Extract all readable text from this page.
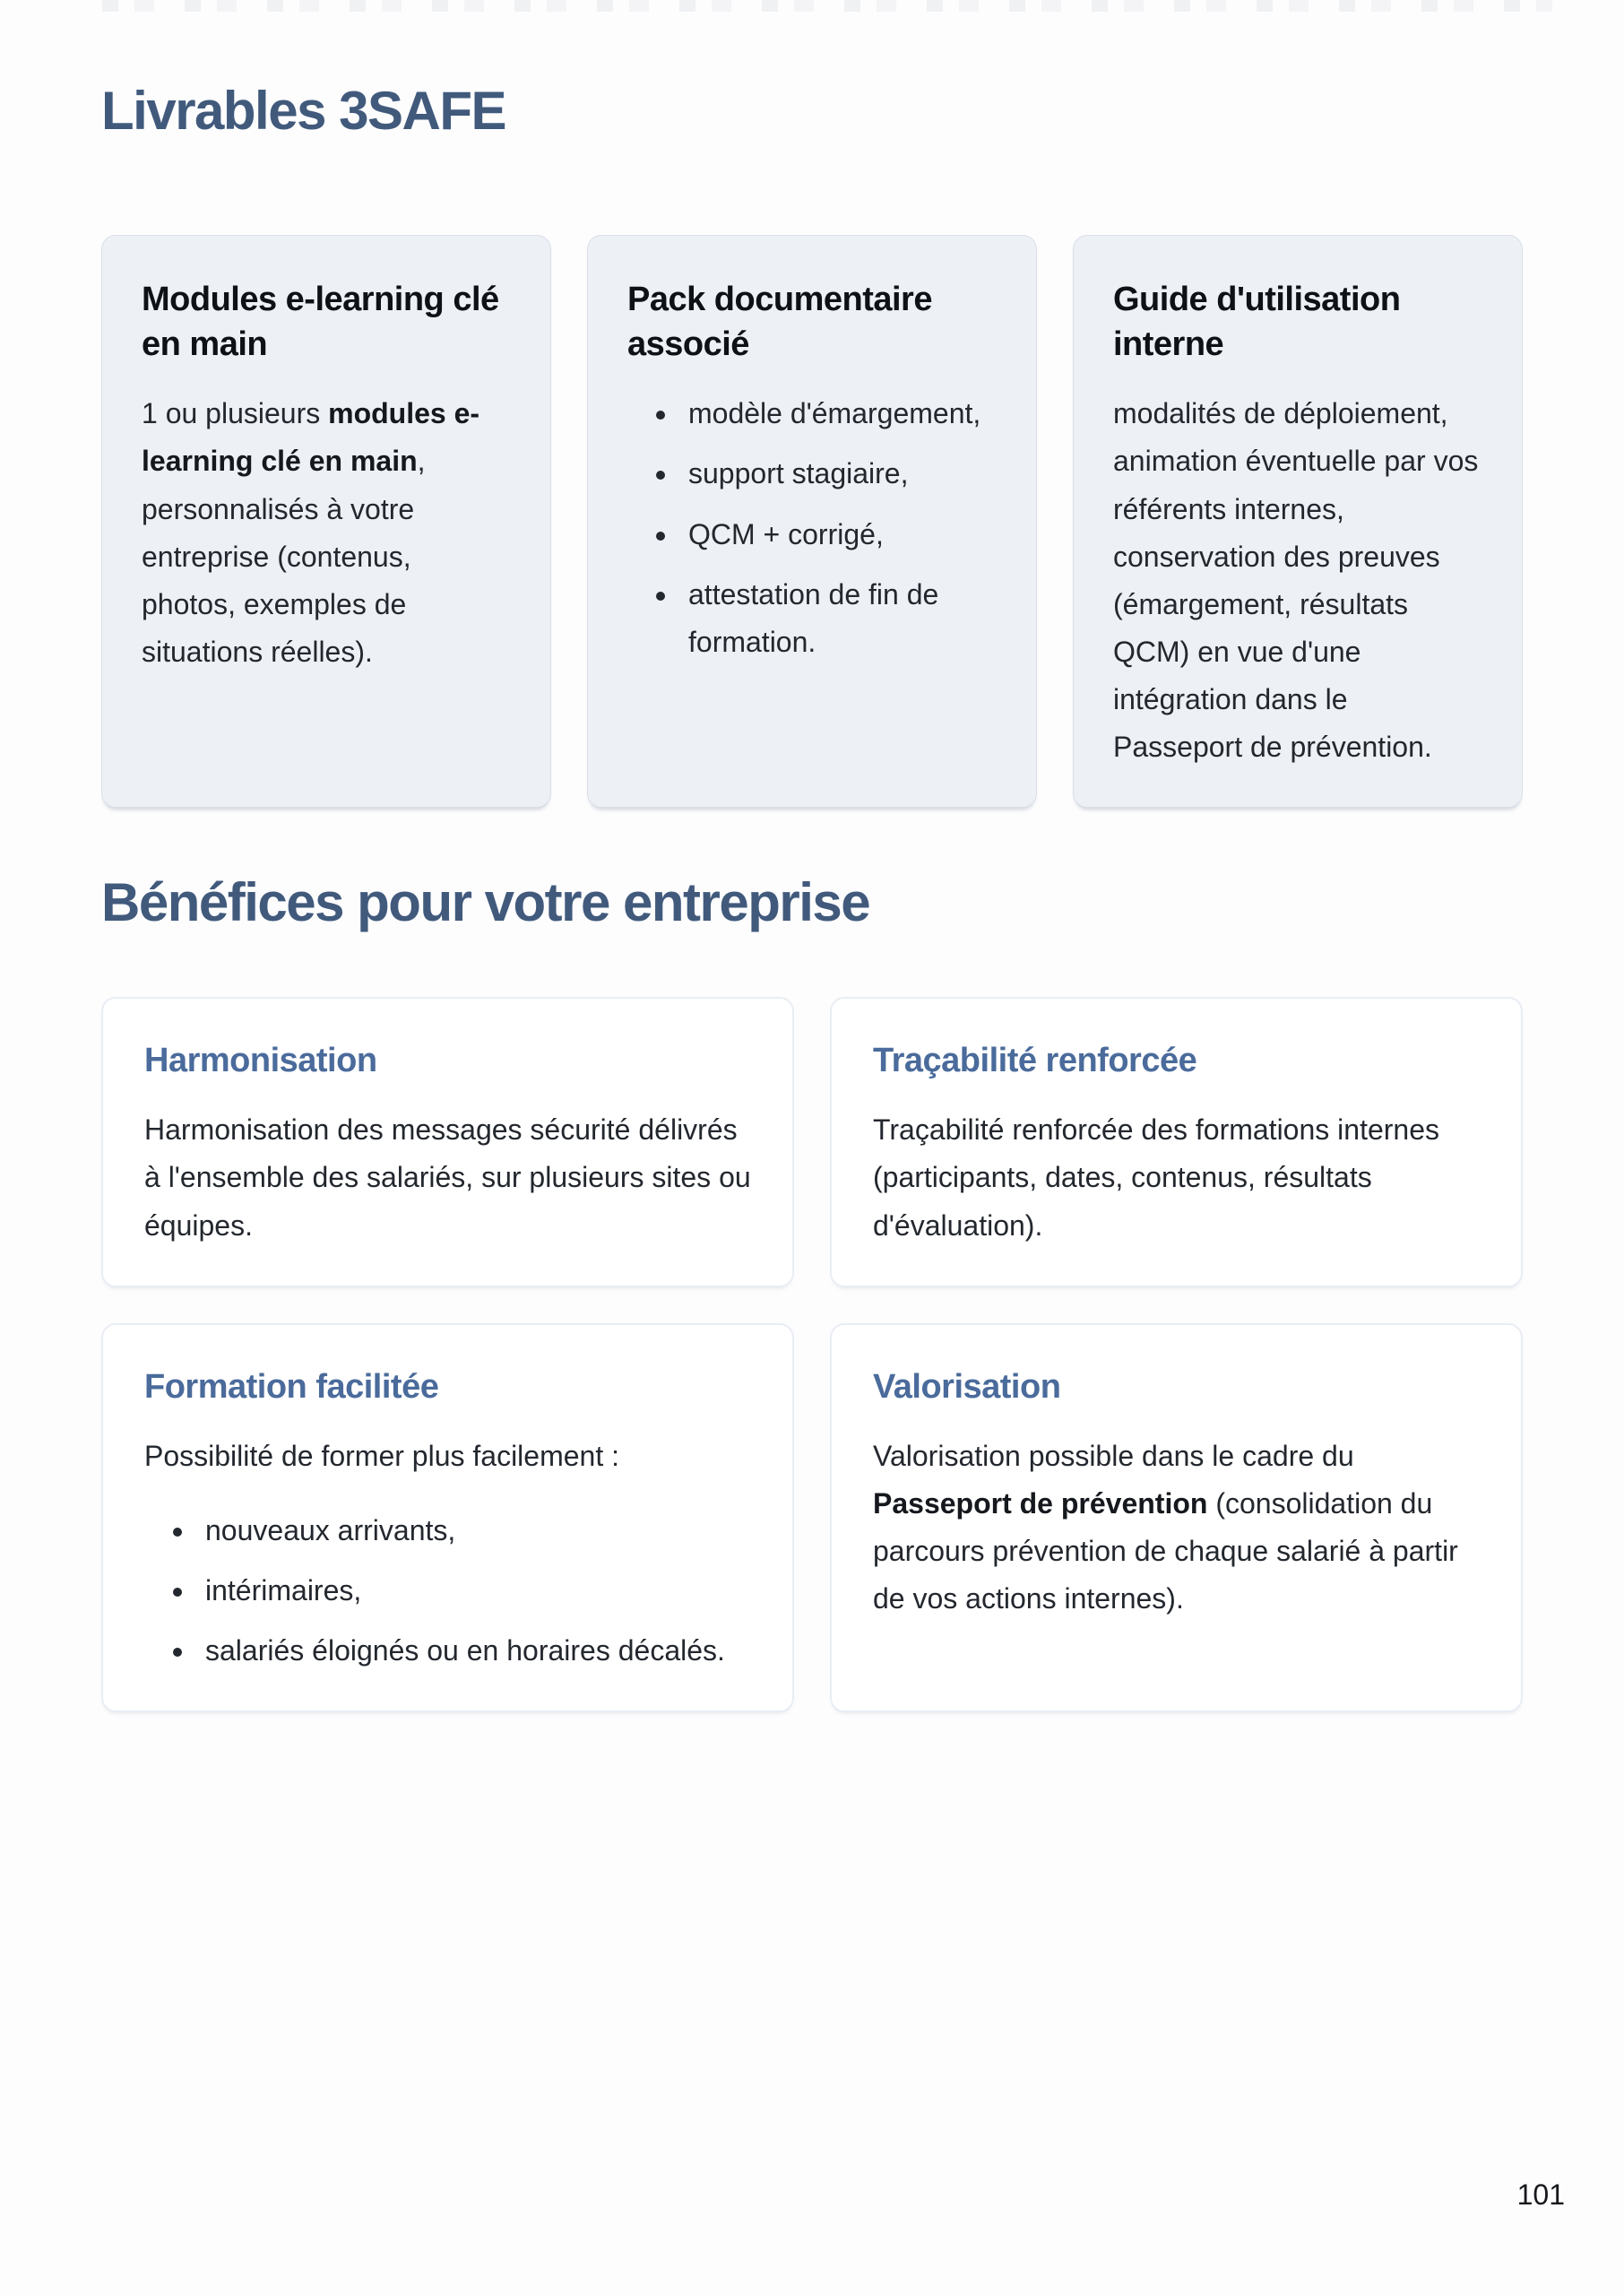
Livrables 3SAFE
Modules e-learning clé en main

1 ou plusieurs modules e-learning clé en main, personnalisés à votre entreprise (contenus, photos, exemples de situations réelles).

Pack documentaire associé
• modèle d'émargement,
• support stagiaire,
• QCM + corrigé,
• attestation de fin de formation.
Guide d'utilisation interne

modalités de déploiement, animation éventuelle par vos référents internes, conservation des preuves (émargement, résultats QCM) en vue d'une intégration dans le Passeport de prévention.

Bénéfices pour votre entreprise
Harmonisation

Harmonisation des messages sécurité délivrés à l'ensemble des salariés, sur plusieurs sites ou équipes.

Traçabilité renforcée

Traçabilité renforcée des formations internes (participants, dates, contenus, résultats d'évaluation).

Formation facilitée

Possibilité de former plus facilement :

• nouveaux arrivants,
• intérimaires,
• salariés éloignés ou en horaires décalés.
Valorisation

Valorisation possible dans le cadre du Passeport de prévention (consolidation du parcours prévention de chaque salarié à partir de vos actions internes).

101
